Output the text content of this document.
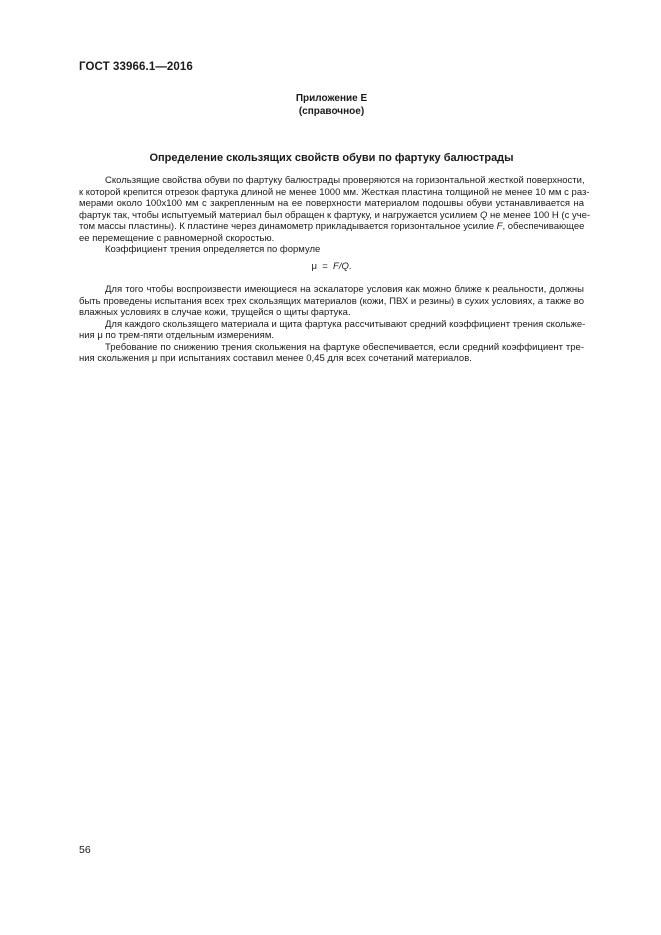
ГОСТ 33966.1—2016
Приложение Е
(справочное)
Определение скользящих свойств обуви по фартуку балюстрады
Скользящие свойства обуви по фартуку балюстрады проверяются на горизонтальной жесткой поверхности,
к которой крепится отрезок фартука длиной не менее 1000 мм. Жесткая пластина толщиной не менее 10 мм с раз-
мерами около 100х100 мм с закрепленным на ее поверхности материалом подошвы обуви устанавливается на
фартук так, чтобы испытуемый материал был обращен к фартуку, и нагружается усилием Q не менее 100 Н (с уче-
том массы пластины). К пластине через динамометр прикладывается горизонтальное усилие F, обеспечивающее
ее перемещение с равномерной скоростью.
Коэффициент трения определяется по формуле
μ  =  F/Q.
Для того чтобы воспроизвести имеющиеся на эскалаторе условия как можно ближе к реальности, должны
быть проведены испытания всех трех скользящих материалов (кожи, ПВХ и резины) в сухих условиях, а также во
влажных условиях в случае кожи, трущейся о щиты фартука.
Для каждого скользящего материала и щита фартука рассчитывают средний коэффициент трения скольже-
ния μ по трем-пяти отдельным измерениям.
Требование по снижению трения скольжения на фартуке обеспечивается, если средний коэффициент тре-
ния скольжения μ при испытаниях составил менее 0,45 для всех сочетаний материалов.
56
